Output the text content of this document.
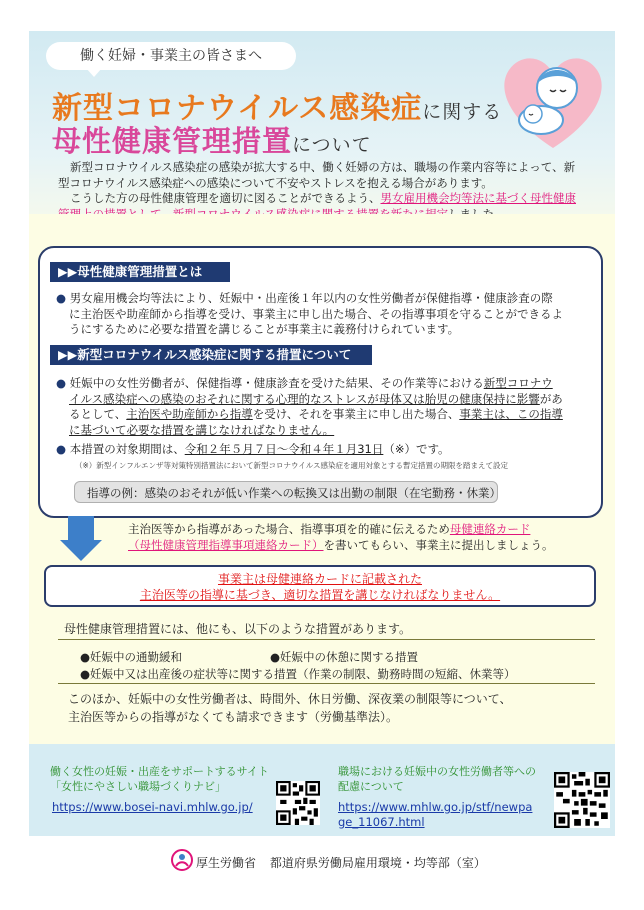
働く妊婦・事業主の皆さまへ
新型コロナウイルス感染症に関する
母性健康管理措置について
新型コロナウイルス感染症の感染が拡大する中、働く妊婦の方は、職場の作業内容等によって、新
型コロナウイルス感染症への感染について不安やストレスを抱える場合があります。
こうした方の母性健康管理を適切に図ることができるよう、男女雇用機会均等法に基づく母性健康
▶▶母性健康管理措置とは
● 男女雇用機会均等法により、妊娠中・出産後１年以内の女性労働者が保健指導・健康診査の際
に主治医や助産師から指導を受け、事業主に申し出た場合、その指導事項を守ることができるよ
うにするために必要な措置を講じることが事業主に義務付けられています。
▶▶新型コロナウイルス感染症に関する措置について
● 妊娠中の女性労働者が、保健指導・健康診査を受けた結果、その作業等における新型コロナウ
イルス感染症への感染のおそれに関する心理的なストレスが母体又は胎児の健康保持に影響があ
るとして、主治医や助産師から指導を受け、それを事業主に申し出た場合、事業主は、この指導
に基づいて必要な措置を講じなければなりません。
● 本措置の対象期間は、令和２年５月７日〜令和４年１月31日（※）です。
（※）新型インフルエンザ等対策特別措置法において新型コロナウイルス感染症を適用対象とする暫定措置の期限を踏まえて設定
指導の例：感染のおそれが低い作業への転換又は出勤の制限（在宅勤務・休業）
主治医等から指導があった場合、指導事項を的確に伝えるため母健連絡カード
（母性健康管理指導事項連絡カード）を書いてもらい、事業主に提出しましょう。
事業主は母健連絡カードに記載された
主治医等の指導に基づき、適切な措置を講じなければなりません。
母性健康管理措置には、他にも、以下のような措置があります。
●妊娠中の通勤緩和	●妊娠中の休憩に関する措置
●妊娠中又は出産後の症状等に関する措置（作業の制限、勤務時間の短縮、休業等）
このほか、妊娠中の女性労働者は、時間外、休日労働、深夜業の制限等について、
主治医等からの指導がなくても請求できます（労働基準法）。
働く女性の妊娠・出産をサポートするサイト
「女性にやさしい職場づくりナビ」
https://www.bosei-navi.mhlw.go.jp/
職場における妊娠中の女性労働者等への
配慮について
https://www.mhlw.go.jp/stf/newpa
ge_11067.html
厚生労働省 都道府県労働局雇用環境・均等部（室）
